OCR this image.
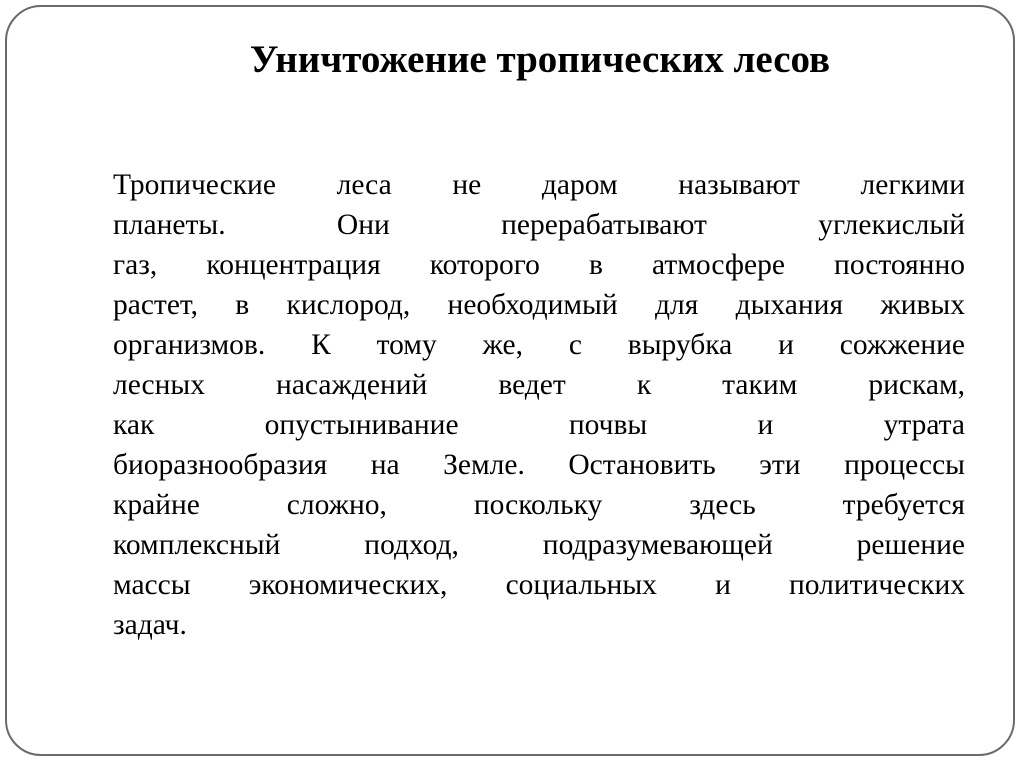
Уничтожение тропических лесов
Тропические леса не даром называют легкими
планеты. Они перерабатывают углекислый
газ, концентрация которого в атмосфере постоянно
растет, в кислород, необходимый для дыхания живых
организмов. К тому же, с вырубка и сожжение
лесных насаждений ведет к таким рискам,
как опустынивание почвы и утрата
биоразнообразия на Земле. Остановить эти процессы
крайне сложно, поскольку здесь требуется
комплексный подход, подразумевающей решение
массы экономических, социальных и политических
задач.
